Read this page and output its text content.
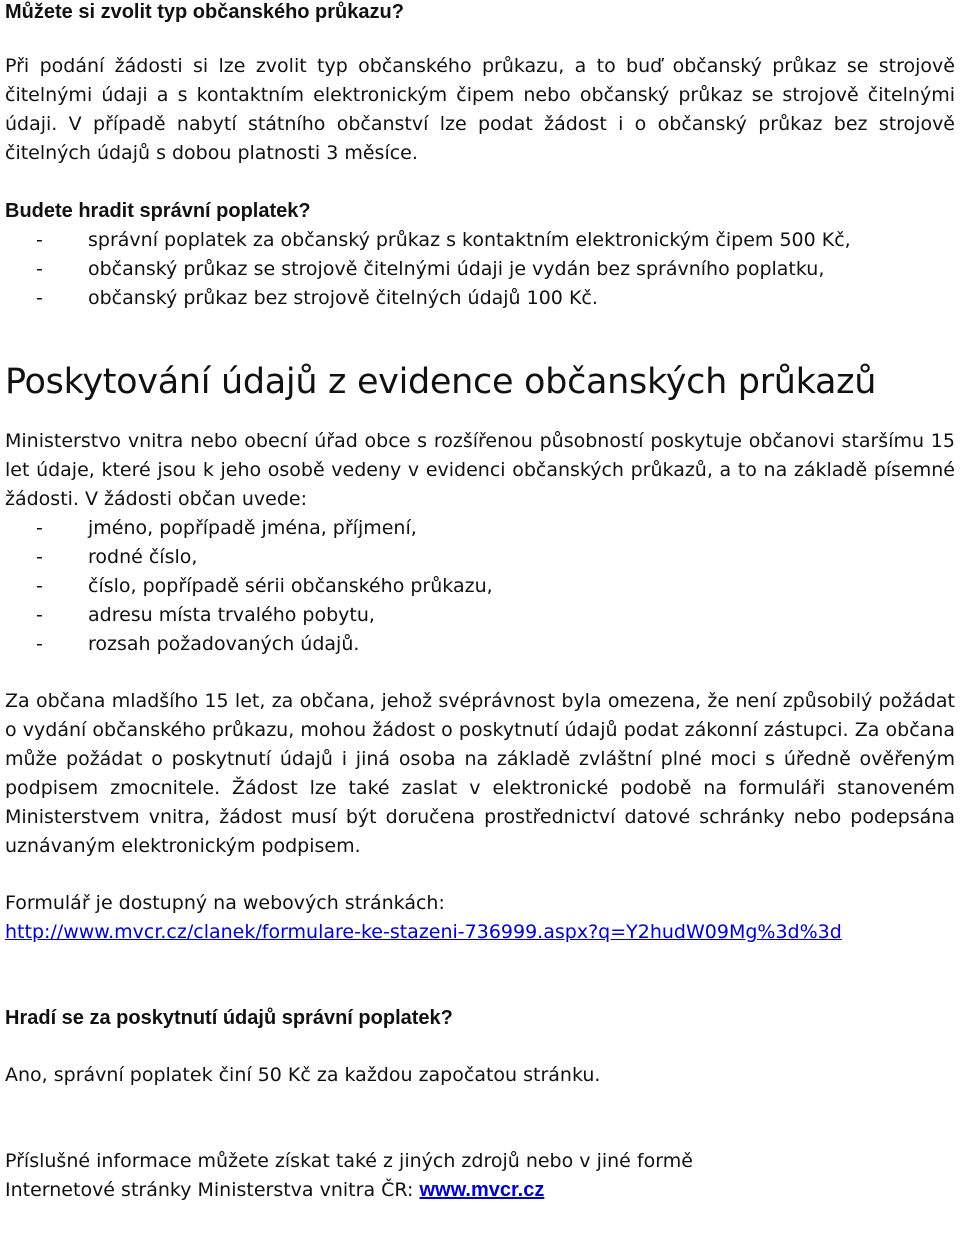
Můžete si zvolit typ občanského průkazu?

Při podání žádosti si lze zvolit typ občanského průkazu, a to buď občanský průkaz se strojově čitelnými údaji a s kontaktním elektronickým čipem nebo občanský průkaz se strojově čitelnými údaji. V případě nabytí státního občanství lze podat žádost i o občanský průkaz bez strojově čitelných údajů s dobou platnosti 3 měsíce.

Budete hradit správní poplatek?
- správní poplatek za občanský průkaz s kontaktním elektronickým čipem 500 Kč,
- občanský průkaz se strojově čitelnými údaji je vydán bez správního poplatku,
- občanský průkaz bez strojově čitelných údajů 100 Kč.
Poskytování údajů z evidence občanských průkazů

Ministerstvo vnitra nebo obecní úřad obce s rozšířenou působností poskytuje občanovi staršímu 15 let údaje, které jsou k jeho osobě vedeny v evidenci občanských průkazů, a to na základě písemné žádosti. V žádosti občan uvede:

- jméno, popřípadě jména, příjmení,
- rodné číslo,
- číslo, popřípadě sérii občanského průkazu,
- adresu místa trvalého pobytu,
- rozsah požadovaných údajů.

Za občana mladšího 15 let, za občana, jehož svéprávnost byla omezena, že není způsobilý požádat o vydání občanského průkazu, mohou žádost o poskytnutí údajů podat zákonní zástupci. Za občana může požádat o poskytnutí údajů i jiná osoba na základě zvláštní plné moci s úředně ověřeným podpisem zmocnitele. Žádost lze také zaslat v elektronické podobě na formuláři stanoveném Ministerstvem vnitra, žádost musí být doručena prostřednictví datové schránky nebo podepsána uznávaným elektronickým podpisem.

Formulář je dostupný na webových stránkách:

http://www.mvcr.cz/clanek/formulare-ke-stazeni-736999.aspx?q=Y2hudW09Mg%3d%3d

Hradí se za poskytnutí údajů správní poplatek?

Ano, správní poplatek činí 50 Kč za každou započatou stránku.

Příslušné informace můžete získat také z jiných zdrojů nebo v jiné formě

Internetové stránky Ministerstva vnitra ČR: www.mvcr.cz
